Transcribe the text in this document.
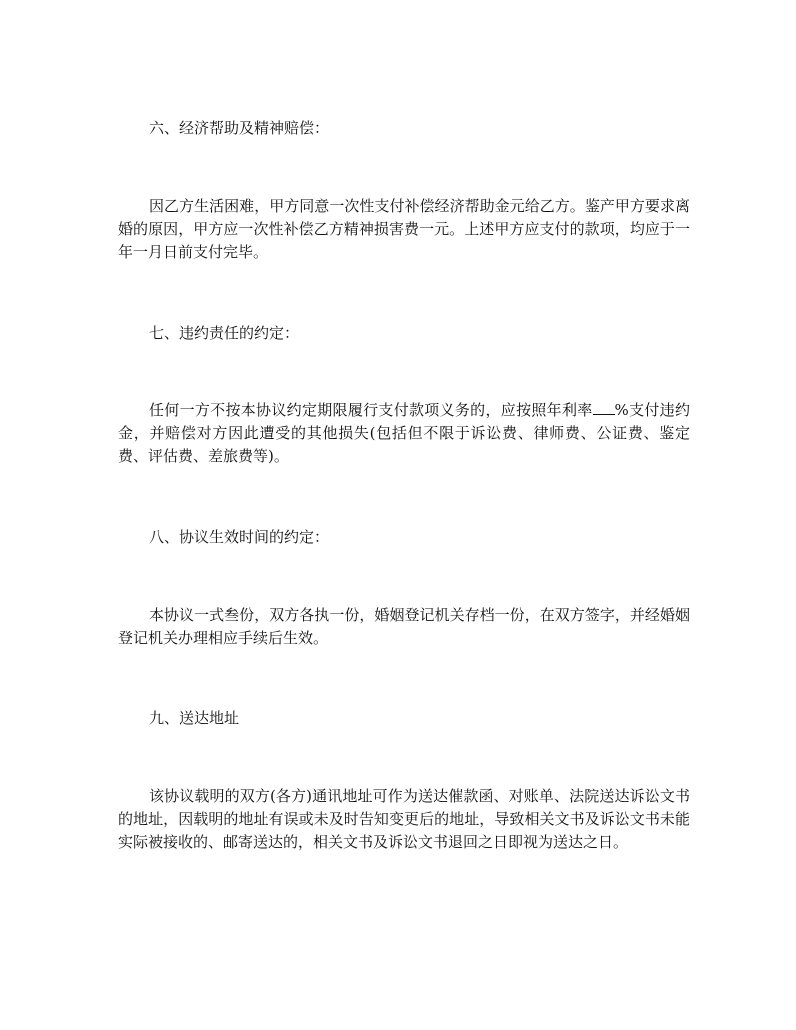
六、经济帮助及精神赔偿：
因乙方生活困难，甲方同意一次性支付补偿经济帮助金元给乙方。鉴产甲方要求离婚的原因，甲方应一次性补偿乙方精神损害费一元。上述甲方应支付的款项，均应于一年一月日前支付完毕。
七、违约责任的约定：
任何一方不按本协议约定期限履行支付款项义务的，应按照年利率 %支付违约金，并赔偿对方因此遭受的其他损失(包括但不限于诉讼费、律师费、公证费、鉴定费、评估费、差旅费等)。
八、协议生效时间的约定：
本协议一式叁份，双方各执一份，婚姻登记机关存档一份，在双方签字，并经婚姻登记机关办理相应手续后生效。
九、送达地址
该协议载明的双方(各方)通讯地址可作为送达催款函、对账单、法院送达诉讼文书的地址，因载明的地址有误或未及时告知变更后的地址，导致相关文书及诉讼文书未能实际被接收的、邮寄送达的，相关文书及诉讼文书退回之日即视为送达之日。
